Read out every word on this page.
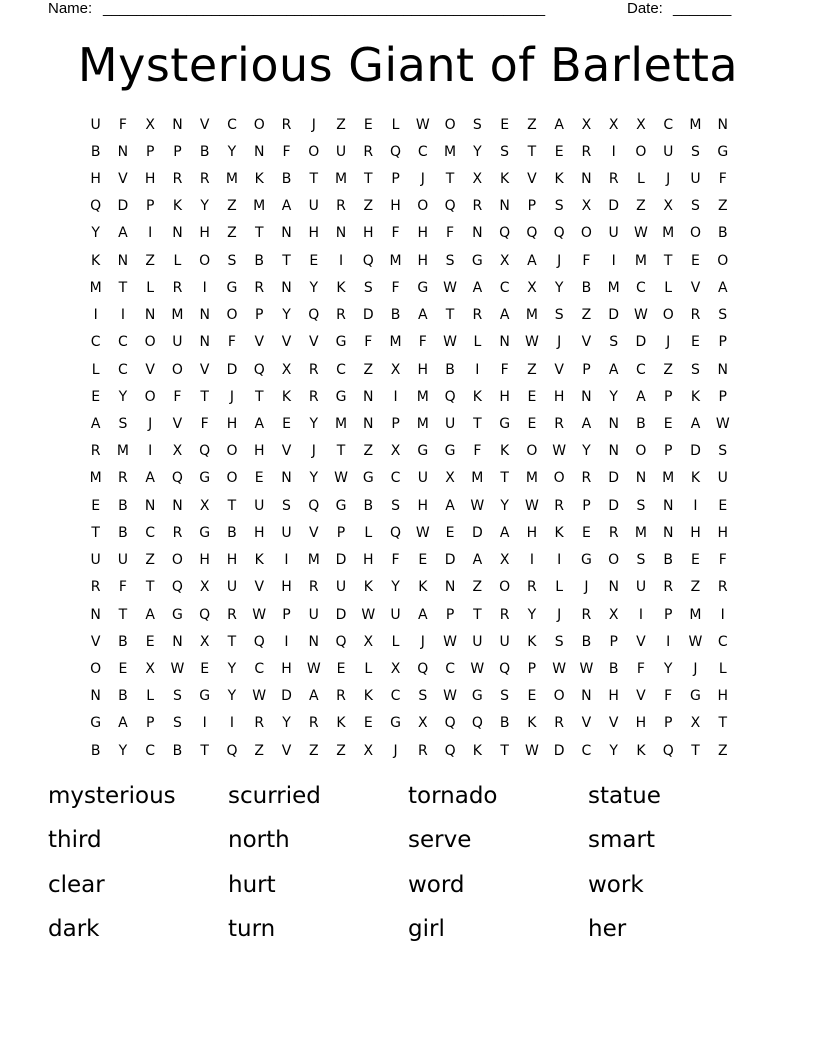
Name: _____________________________________________________	Date: _______
Mysterious Giant of Barletta
U	F	X	N	V	C	O	R	J	Z	E	L	W	O	S	E	Z	A	X	X	X	C	M	N
B	N	P	P	B	Y	N	F	O	U	R	Q	C	M	Y	S	T	E	R	I	O	U	S	G
H	V	H	R	R	M	K	B	T	M	T	P	J	T	X	K	V	K	N	R	L	J	U	F
Q	D	P	K	Y	Z	M	A	U	R	Z	H	O	Q	R	N	P	S	X	D	Z	X	S	Z
Y	A	I	N	H	Z	T	N	H	N	H	F	H	F	N	Q	Q	Q	O	U	W	M	O	B
K	N	Z	L	O	S	B	T	E	I	Q	M	H	S	G	X	A	J	F	I	M	T	E	O
M	T	L	R	I	G	R	N	Y	K	S	F	G	W	A	C	X	Y	B	M	C	L	V	A
I	I	N	M	N	O	P	Y	Q	R	D	B	A	T	R	A	M	S	Z	D	W	O	R	S
C	C	O	U	N	F	V	V	V	G	F	M	F	W	L	N	W	J	V	S	D	J	E	P
L	C	V	O	V	D	Q	X	R	C	Z	X	H	B	I	F	Z	V	P	A	C	Z	S	N
E	Y	O	F	T	J	T	K	R	G	N	I	M	Q	K	H	E	H	N	Y	A	P	K	P
A	S	J	V	F	H	A	E	Y	M	N	P	M	U	T	G	E	R	A	N	B	E	A	W
R	M	I	X	Q	O	H	V	J	T	Z	X	G	G	F	K	O	W	Y	N	O	P	D	S
M	R	A	Q	G	O	E	N	Y	W	G	C	U	X	M	T	M	O	R	D	N	M	K	U
E	B	N	N	X	T	U	S	Q	G	B	S	H	A	W	Y	W	R	P	D	S	N	I	E
T	B	C	R	G	B	H	U	V	P	L	Q	W	E	D	A	H	K	E	R	M	N	H	H
U	U	Z	O	H	H	K	I	M	D	H	F	E	D	A	X	I	I	G	O	S	B	E	F
R	F	T	Q	X	U	V	H	R	U	K	Y	K	N	Z	O	R	L	J	N	U	R	Z	R
N	T	A	G	Q	R	W	P	U	D	W	U	A	P	T	R	Y	J	R	X	I	P	M	I
V	B	E	N	X	T	Q	I	N	Q	X	L	J	W	U	U	K	S	B	P	V	I	W	C
O	E	X	W	E	Y	C	H	W	E	L	X	Q	C	W	Q	P	W W	B	F	Y	J	L
N	B	L	S	G	Y	W	D	A	R	K	C	S	W	G	S	E	O	N	H	V	F	G	H
G	A	P	S	I	I	R	Y	R	K	E	G	X	Q	Q	B	K	R	V	V	H	P	X	T
B	Y	C	B	T	Q	Z	V	Z	Z	X	J	R	Q	K	T	W	D	C	Y	K	Q	T	Z
mysterious	scurried	tornado	statue
third	north	serve	smart
clear	hurt	word	work
dark	turn	girl	her
